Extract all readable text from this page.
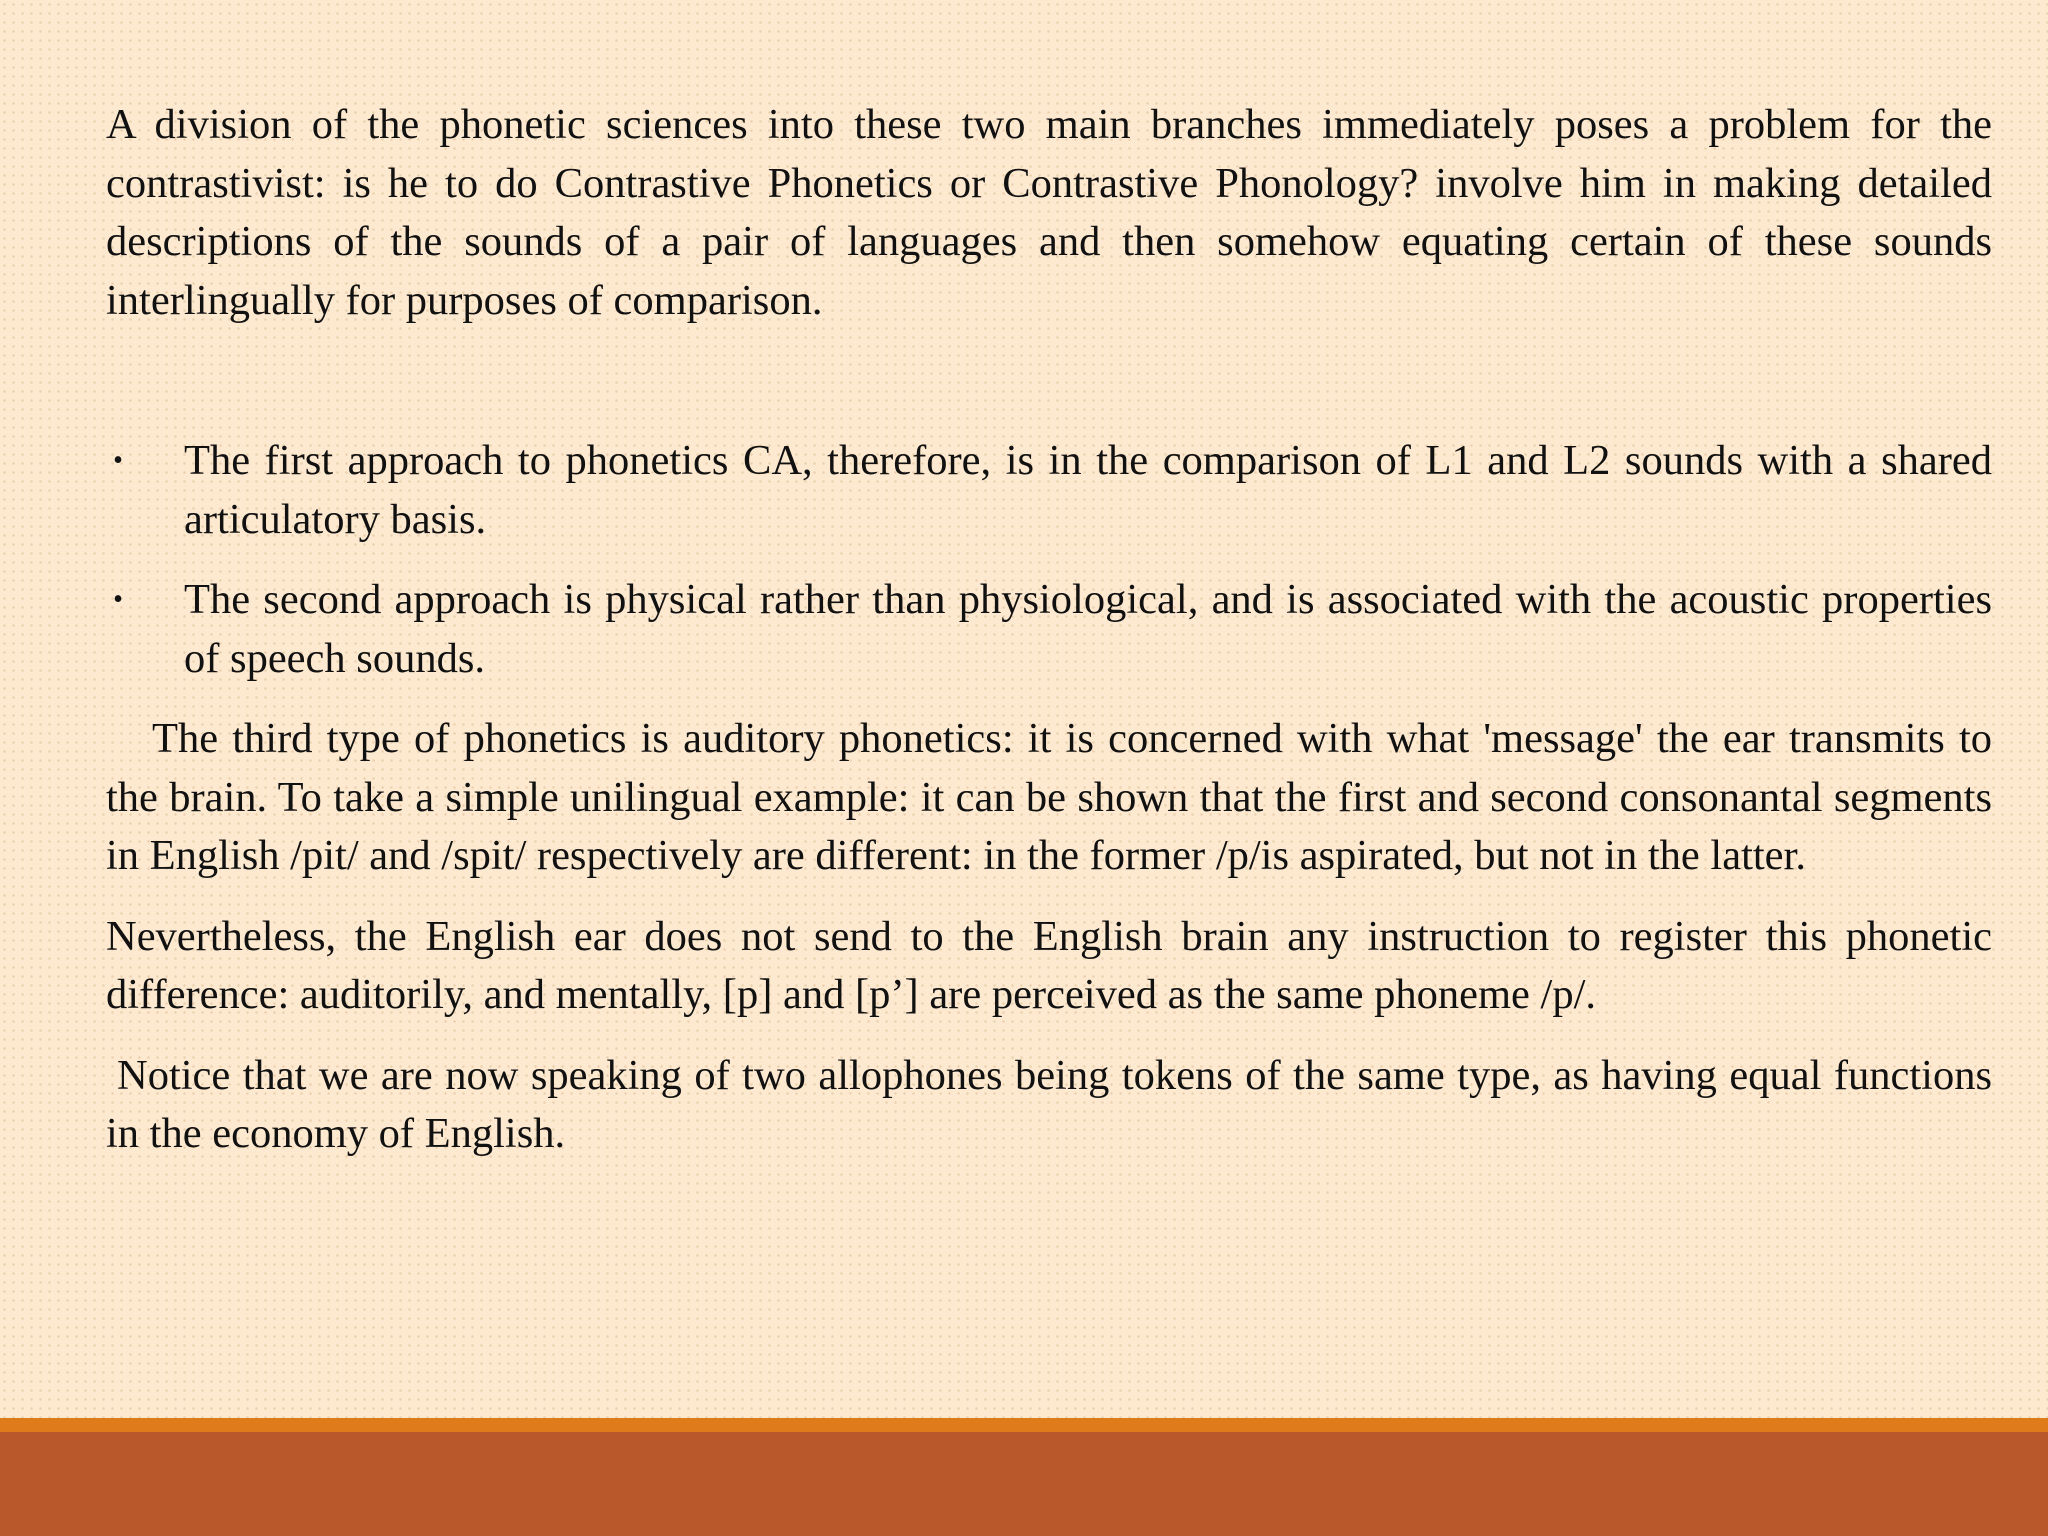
A division of the phonetic sciences into these two main branches immediately poses a problem for the contrastivist: is he to do Contrastive Phonetics or Contrastive Phonology? involve him in making detailed descriptions of the sounds of a pair of languages and then somehow equating certain of these sounds interlingually for purposes of comparison.

• The first approach to phonetics CA, therefore, is in the comparison of L1 and L2 sounds with a shared articulatory basis.
• The second approach is physical rather than physiological, and is associated with the acoustic properties of speech sounds.

The third type of phonetics is auditory phonetics: it is concerned with what 'message' the ear transmits to the brain. To take a simple unilingual example: it can be shown that the first and second consonantal segments in English /pit/ and /spit/ respectively are different: in the former /p/is aspirated, but not in the latter.

Nevertheless, the English ear does not send to the English brain any instruction to register this phonetic difference: auditorily, and mentally, [p] and [p’] are perceived as the same phoneme /p/.

Notice that we are now speaking of two allophones being tokens of the same type, as having equal functions in the economy of English.
